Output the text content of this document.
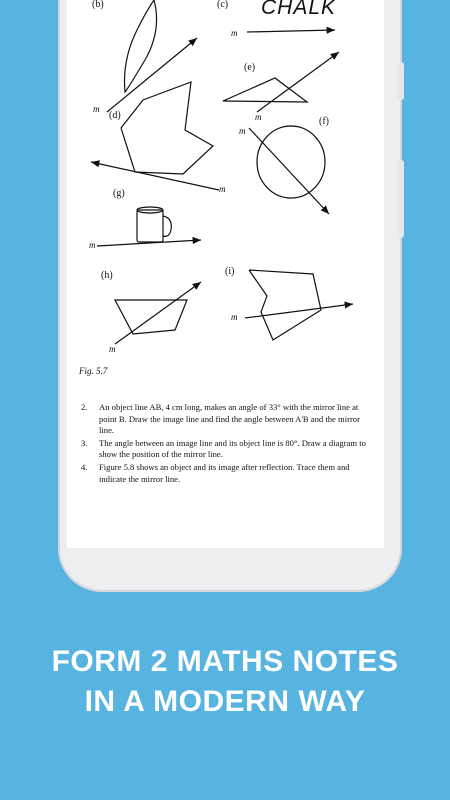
(b)	(c) CHALK
m
(e)
m
(d)	m	(f)
m
m
(g)
m
(h)	(i)
m
m
Fig. 5.7
2.	An object line AB, 4 cm long, makes an angle of 33° with the mirror line at point B. Draw the image line and find the angle between A'B and the mirror line.
3.	The angle between an image line and its object line is 80°. Draw a diagram to show the position of the mirror line.
4.	Figure 5.8 shows an object and its image after reflection. Trace them and indicate the mirror line.
FORM 2 MATHS NOTES
IN A MODERN WAY
